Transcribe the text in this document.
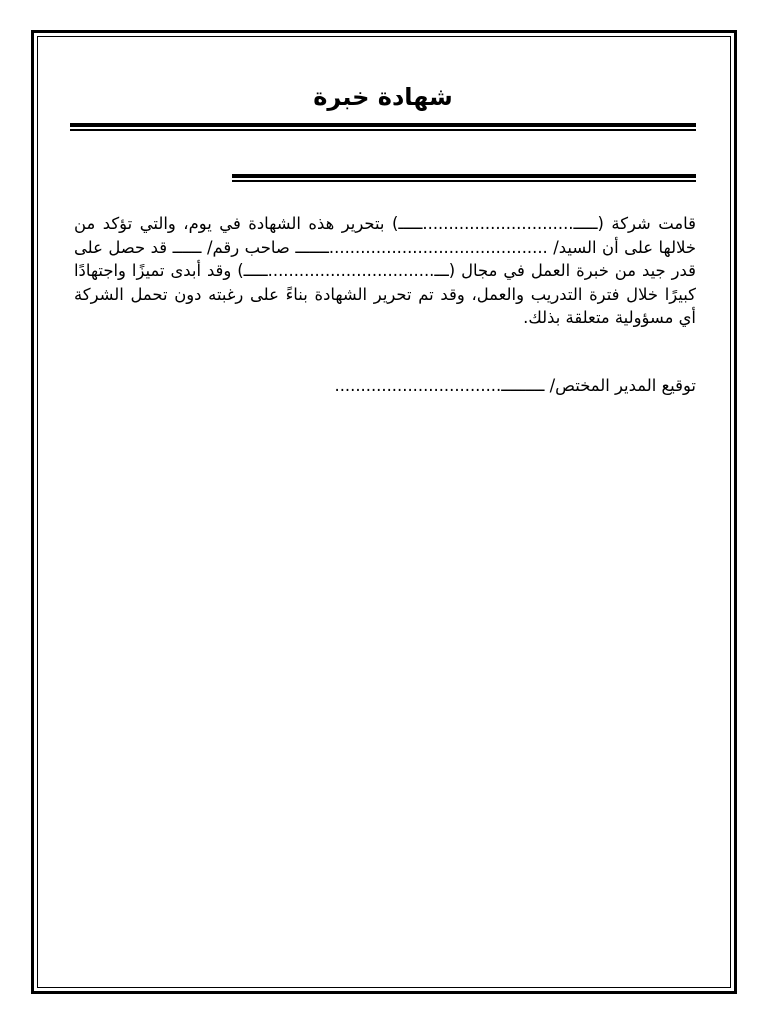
شهادة خبرة

قامت شركة (ـــــ.............................ـــــ) بتحرير هذه الشهادة في يوم، والتي تؤكد من خلالها على أن السيد/ ..........................................ـــــــ صاحب رقم/ ــــــ قد حصل على قدر جيد من خبرة العمل في مجال (ـــ................................ـــــ) وقد أبدى تميزًا واجتهادًا كبيرًا خلال فترة التدريب والعمل، وقد تم تحرير الشهادة بناءً على رغبته دون تحمل الشركة أي مسؤولية متعلقة بذلك.

توقيع المدير المختص/ ـــــــــ................................
